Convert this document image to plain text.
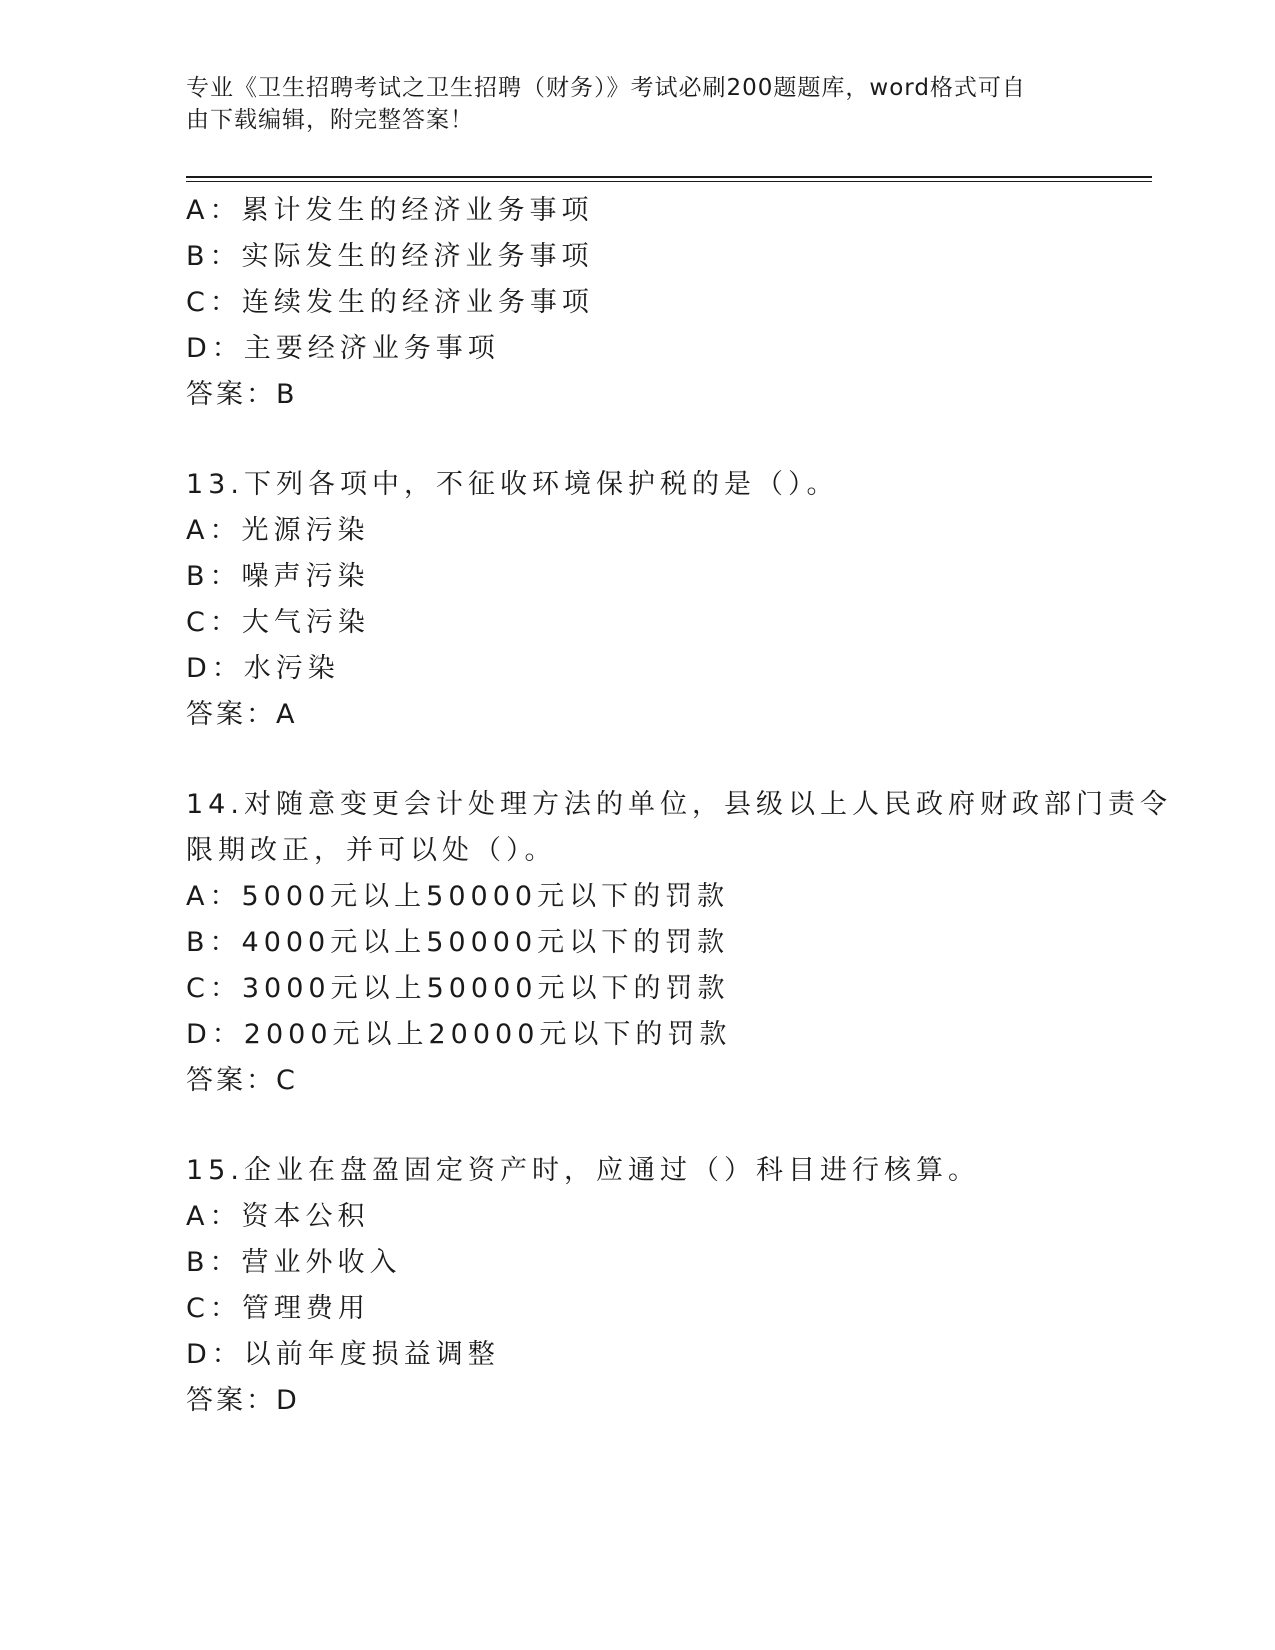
专业《卫生招聘考试之卫生招聘（财务）》考试必刷200题题库，word格式可自
由下载编辑，附完整答案！
A：累计发生的经济业务事项
B：实际发生的经济业务事项
C：连续发生的经济业务事项
D：主要经济业务事项
答案：B
13.下列各项中，不征收环境保护税的是（）。
A：光源污染
B：噪声污染
C：大气污染
D：水污染
答案：A
14.对随意变更会计处理方法的单位，县级以上人民政府财政部门责令
限期改正，并可以处（）。
A：5000元以上50000元以下的罚款
B：4000元以上50000元以下的罚款
C：3000元以上50000元以下的罚款
D：2000元以上20000元以下的罚款
答案：C
15.企业在盘盈固定资产时，应通过（）科目进行核算。
A：资本公积
B：营业外收入
C：管理费用
D：以前年度损益调整
答案：D
